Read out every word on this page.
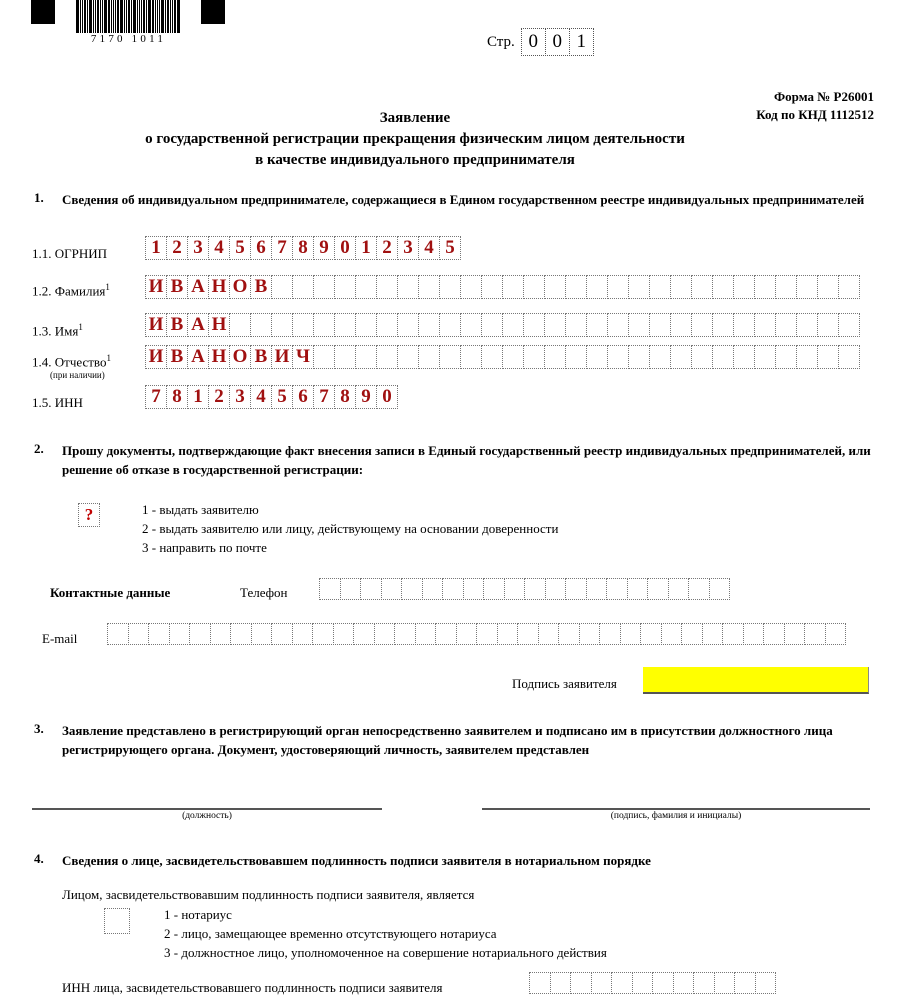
7170 1011	Стр. 0 0 1
Форма № Р26001
Код по КНД 1112512
Заявление
о государственной регистрации прекращения физическим лицом деятельности
в качестве индивидуального предпринимателя
1. Сведения об индивидуальном предпринимателе, содержащиеся в Едином государственном реестре индивидуальных предпринимателей
1.1. ОГРНИП	1 2 3 4 5 6 7 8 9 0 1 2 3 4 5
1.2. Фамилия$^1$ И В А Н О В
1.3. Имя$^1$	И В А Н
1.4. Отчество$^1$
(при наличии)
И В А Н О В И Ч
1.5. ИНН	7 8 1 2 3 4 5 6 7 8 9 0
2. Прошу документы, подтверждающие факт внесения записи в Единый государственный реестр индивидуальных предпринимателей, или решение об отказе в государственной регистрации:
?	1 - выдать заявителю
2 - выдать заявителю или лицу, действующему на основании доверенности
3 - направить по почте
Контактные данные	Телефон
E-mail
Подпись заявителя
3. Заявление представлено в регистрирующий орган непосредственно заявителем и подписано им в присутствии должностного лица регистрирующего органа. Документ, удостоверяющий личность, заявителем представлен
(должность)	(подпись, фамилия и инициалы)
4. Сведения о лице, засвидетельствовавшем подлинность подписи заявителя в нотариальном порядке
Лицом, засвидетельствовавшим подлинность подписи заявителя, является
1 - нотариус
2 - лицо, замещающее временно отсутствующего нотариуса
3 - должностное лицо, уполномоченное на совершение нотариального действия
ИНН лица, засвидетельствовавшего подлинность подписи заявителя
